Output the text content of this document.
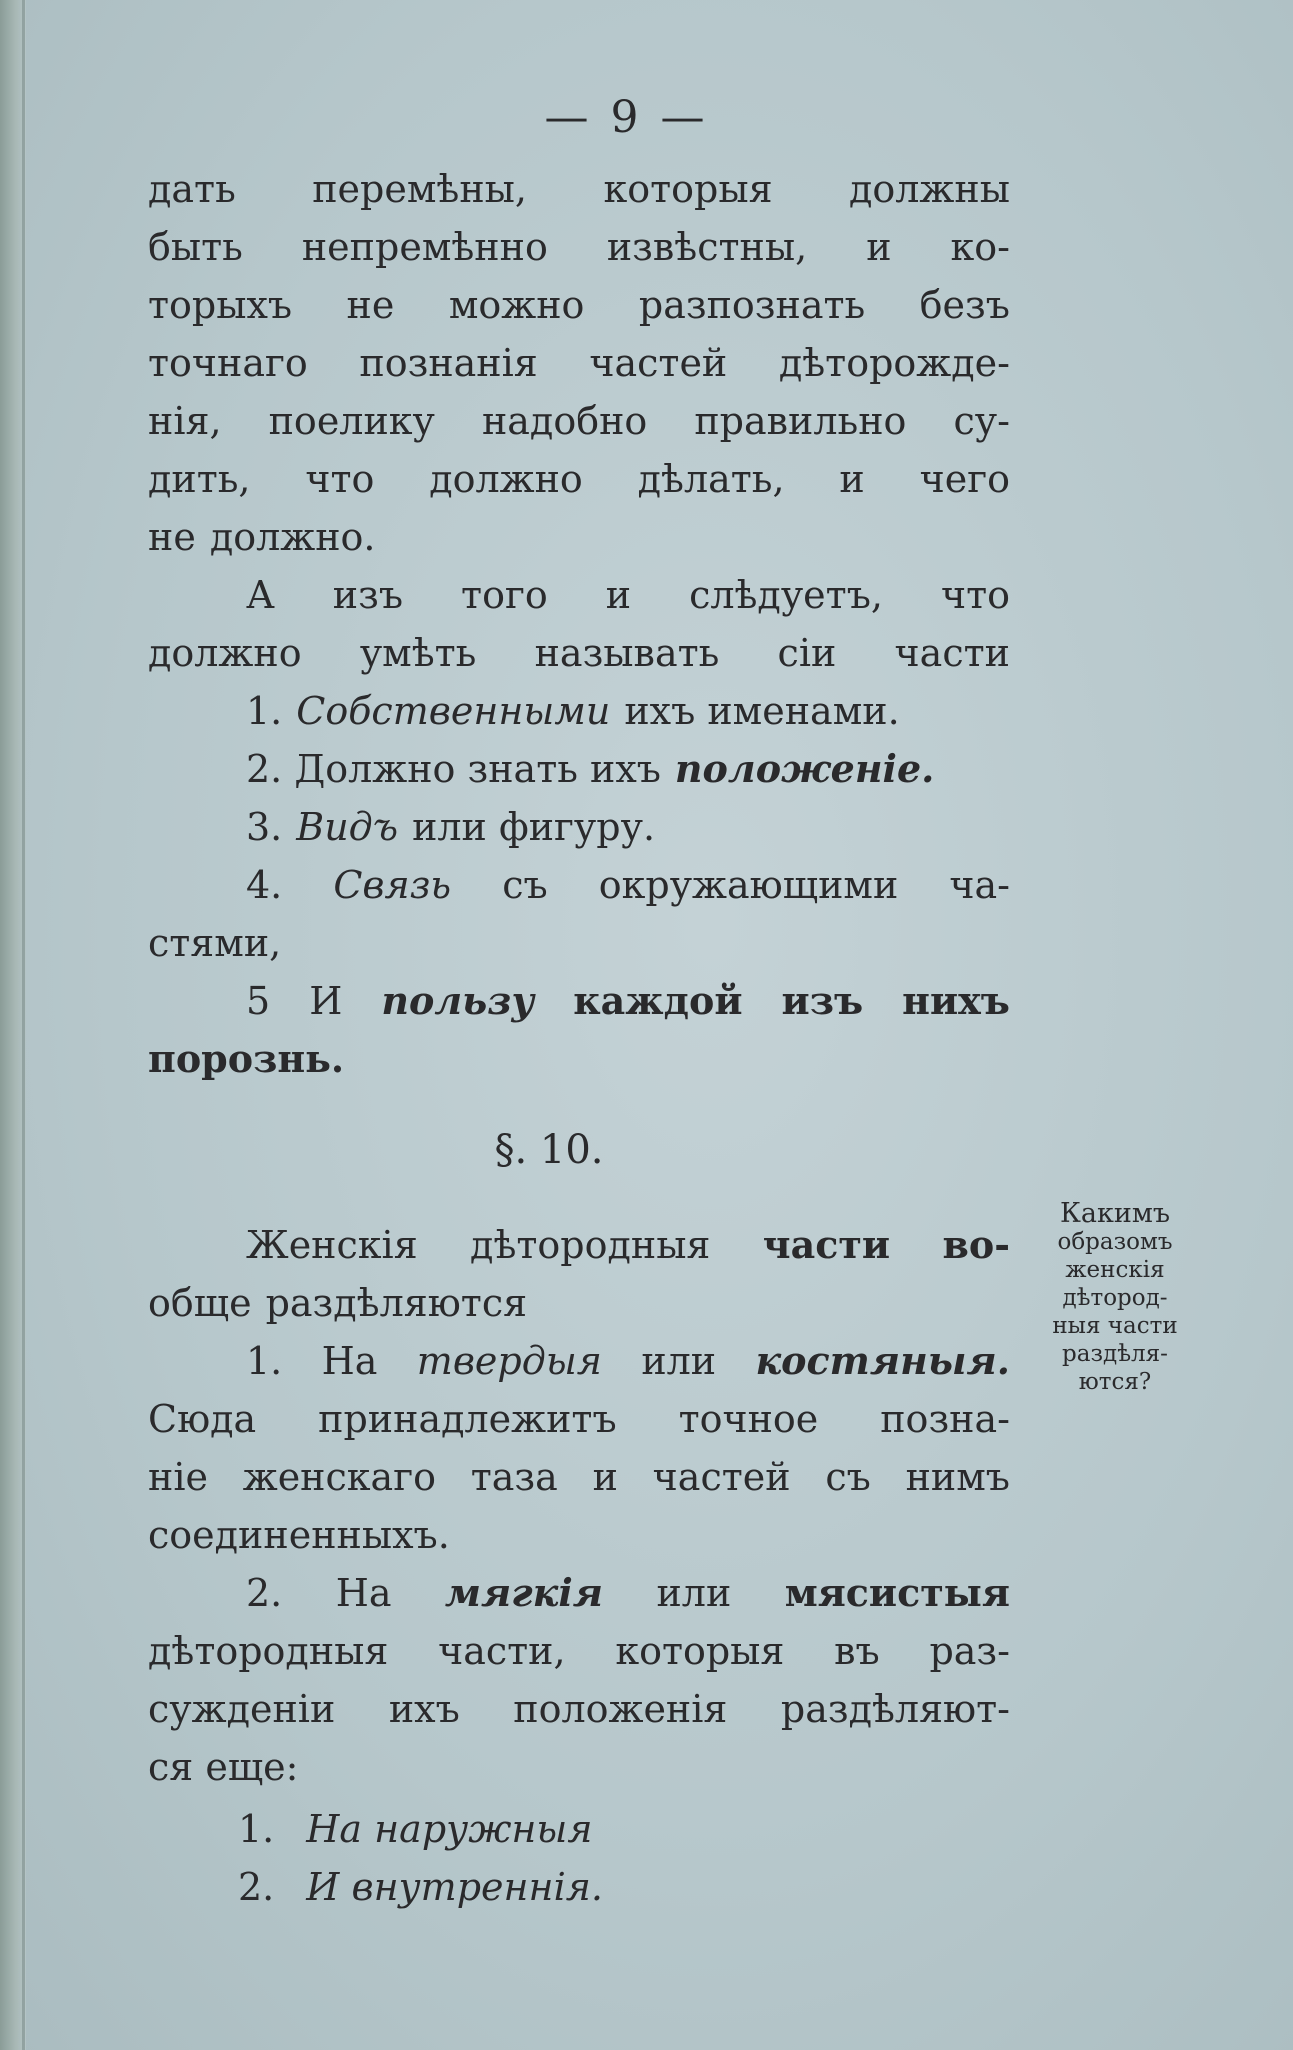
— 9 —
дать перемѣны, которыя должны
быть непремѣнно извѣстны, и ко-
торыхъ не можно разпознать безъ
точнаго познанія частей дѣторожде-
нія, поелику надобно правильно су-
дить, что должно дѣлать, и чего
не должно.
А изъ того и слѣдуетъ, что
должно умѣть называть сіи части
1. Собственными ихъ именами.
2. Должно знать ихъ положеніе.
3. Видъ или фигуру.
4. Связь съ окружающими ча-
стями,
5 И пользу каждой изъ нихъ
порознь.
§. 10.
Женскія дѣтородныя части во-
обще раздѣляются
1. На твердыя или костяныя.
Сюда принадлежитъ точное позна-
ніе женскаго таза и частей съ нимъ
соединенныхъ.
2. На мягкія или мясистыя
дѣтородныя части, которыя въ раз-
сужденіи ихъ положенія раздѣляют-
ся еще:
1. На наружныя
2. И внутреннія.
Какимъ
образомъ
женскія
дѣтород-
ныя части
раздѣля-
ются?
